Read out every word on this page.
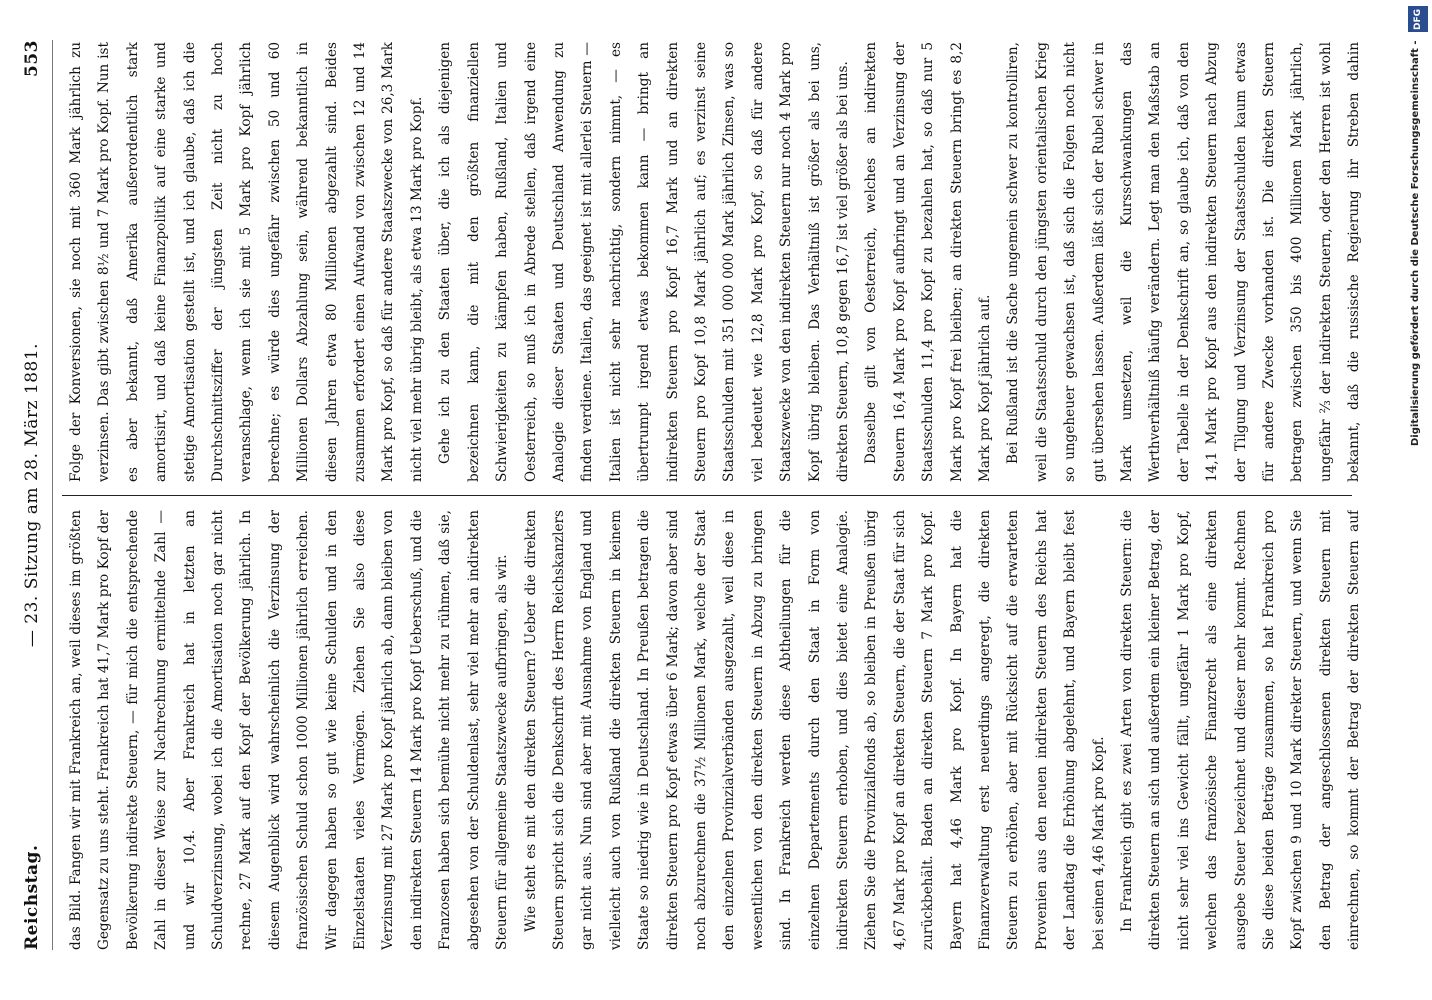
Reichstag.
— 23. Sitzung am 28. März 1881.
553

das Bild. Fangen wir mit Frankreich an, weil dieses im größten Gegensatz zu uns steht. Frankreich hat 41,7 Mark pro Kopf der Bevölkerung indirekte Steuern, — für mich die entsprechende Zahl in dieser Weise zur Nachrechnung ermittelnde Zahl — und wir 10,4. Aber Frankreich hat in letzten an Schuldverzinsung, wobei ich die Amortisation noch gar nicht rechne, 27 Mark auf den Kopf der Bevölkerung jährlich. In diesem Augenblick wird wahrscheinlich die Verzinsung der französischen Schuld schon 1000 Millionen jährlich erreichen. Wir dagegen haben so gut wie keine Schulden und in den Einzelstaaten vieles Vermögen. Ziehen Sie also diese Verzinsung mit 27 Mark pro Kopf jährlich ab, dann bleiben von den indirekten Steuern 14 Mark pro Kopf Ueberschuß, und die Franzosen haben sich bemühe nicht mehr zu rühmen, daß sie, abgesehen von der Schuldenlast, sehr viel mehr an indirekten Steuern für allgemeine Staatszwecke aufbringen, als wir. Wie steht es mit den direkten Steuern? Ueber die direkten Steuern spricht sich die Denkschrift des Herrn Reichskanzlers gar nicht aus. Nun sind aber mit Ausnahme von England und vielleicht auch von Rußland die direkten Steuern in keinem Staate so niedrig wie in Deutschland. In Preußen betragen die direkten Steuern pro Kopf etwas über 6 Mark; davon aber sind noch abzurechnen die 37½ Millionen Mark, welche der Staat den einzelnen Provinzialverbänden ausgezahlt, weil diese in wesentlichen von den direkten Steuern in Abzug zu bringen sind. In Frankreich werden diese Abtheilungen für die einzelnen Departements durch den Staat in Form von indirekten Steuern erhoben, und dies bietet eine Analogie. Ziehen Sie die Provinzialfonds ab, so bleiben in Preußen übrig 4,67 Mark pro Kopf an direkten Steuern, die der Staat für sich zurückbehält. Baden an direkten Steuern 7 Mark pro Kopf. Bayern hat 4,46 Mark pro Kopf. In Bayern hat die Finanzverwaltung erst neuerdings angeregt, die direkten Steuern zu erhöhen, aber mit Rücksicht auf die erwarteten Provenien aus den neuen indirekten Steuern des Reichs hat der Landtag die Erhöhung abgelehnt, und Bayern bleibt fest bei seinen 4,46 Mark pro Kopf. In Frankreich gibt es zwei Arten von direkten Steuern: die direkten Steuern an sich und außerdem ein kleiner Betrag, der nicht sehr viel ins Gewicht fällt, ungefähr 1 Mark pro Kopf, welchen das französische Finanzrecht als eine direkten ausgebe Steuer bezeichnet und dieser mehr kommt. Rechnen Sie diese beiden Beträge zusammen, so hat Frankreich pro Kopf zwischen 9 und 10 Mark direkter Steuern, und wenn Sie den Betrag der angeschlossenen direkten Steuern mit einrechnen, so kommt der Betrag der direkten Steuern auf

Folge der Konversionen, sie noch mit 360 Mark jährlich zu verzinsen. Das gibt zwischen 8½ und 7 Mark pro Kopf. Nun ist es aber bekannt, daß Amerika außerordentlich stark amortisirt, und daß keine Finanzpolitik auf eine starke und stetige Amortisation gestellt ist, und ich glaube, daß ich die Durchschnittsziffer der jüngsten Zeit nicht zu hoch veranschlage, wenn ich sie mit 5 Mark pro Kopf jährlich berechne; es würde dies ungefähr zwischen 50 und 60 Millionen Dollars Abzahlung sein, während bekanntlich in diesen Jahren etwa 80 Millionen abgezahlt sind. Beides zusammen erfordert einen Aufwand von zwischen 12 und 14 Mark pro Kopf, so daß für andere Staatszwecke von 26,3 Mark nicht viel mehr übrig bleibt, als etwa 13 Mark pro Kopf. Gehe ich zu den Staaten über, die ich als diejenigen bezeichnen kann, die mit den größten finanziellen Schwierigkeiten zu kämpfen haben, Rußland, Italien und Oesterreich, so muß ich in Abrede stellen, daß irgend eine Analogie dieser Staaten und Deutschland Anwendung zu finden verdiene. Italien, das geeignet ist mit allerlei Steuern — Italien ist nicht sehr nachrichtig, sondern nimmt, — es übertrumpt irgend etwas bekommen kann — bringt an indirekten Steuern pro Kopf 16,7 Mark und an direkten Steuern pro Kopf 10,8 Mark jährlich auf; es verzinst seine Staatsschulden mit 351 000 000 Mark jährlich Zinsen, was so viel bedeutet wie 12,8 Mark pro Kopf, so daß für andere Staatszwecke von den indirekten Steuern nur noch 4 Mark pro Kopf übrig bleiben. Das Verhältniß ist größer als bei uns, direkten Steuern, 10,8 gegen 16,7 ist viel größer als bei uns. Dasselbe gilt von Oesterreich, welches an indirekten Steuern 16,4 Mark pro Kopf aufbringt und an Verzinsung der Staatsschulden 11,4 pro Kopf zu bezahlen hat, so daß nur 5 Mark pro Kopf frei bleiben; an direkten Steuern bringt es 8,2 Mark pro Kopf jährlich auf. Bei Rußland ist die Sache ungemein schwer zu kontrolliren, weil die Staatsschuld durch den jüngsten orientalischen Krieg so ungeheuer gewachsen ist, daß sich die Folgen noch nicht gut übersehen lassen. Außerdem läßt sich der Rubel schwer in Mark umsetzen, weil die Kursschwankungen das Werthverhältniß häufig verändern. Legt man den Maßstab an der Tabelle in der Denkschrift an, so glaube ich, daß von den 14,1 Mark pro Kopf aus den indirekten Steuern nach Abzug der Tilgung und Verzinsung der Staatsschulden kaum etwas für andere Zwecke vorhanden ist. Die direkten Steuern betragen zwischen 350 bis 400 Millionen Mark jährlich, ungefähr ⅔ der indirekten Steuern, oder den Herren ist wohl bekannt, daß die russische Regierung ihr Streben dahin

DFG
Digitalisierung gefördert durch die Deutsche Forschungsgemeinschaft -
